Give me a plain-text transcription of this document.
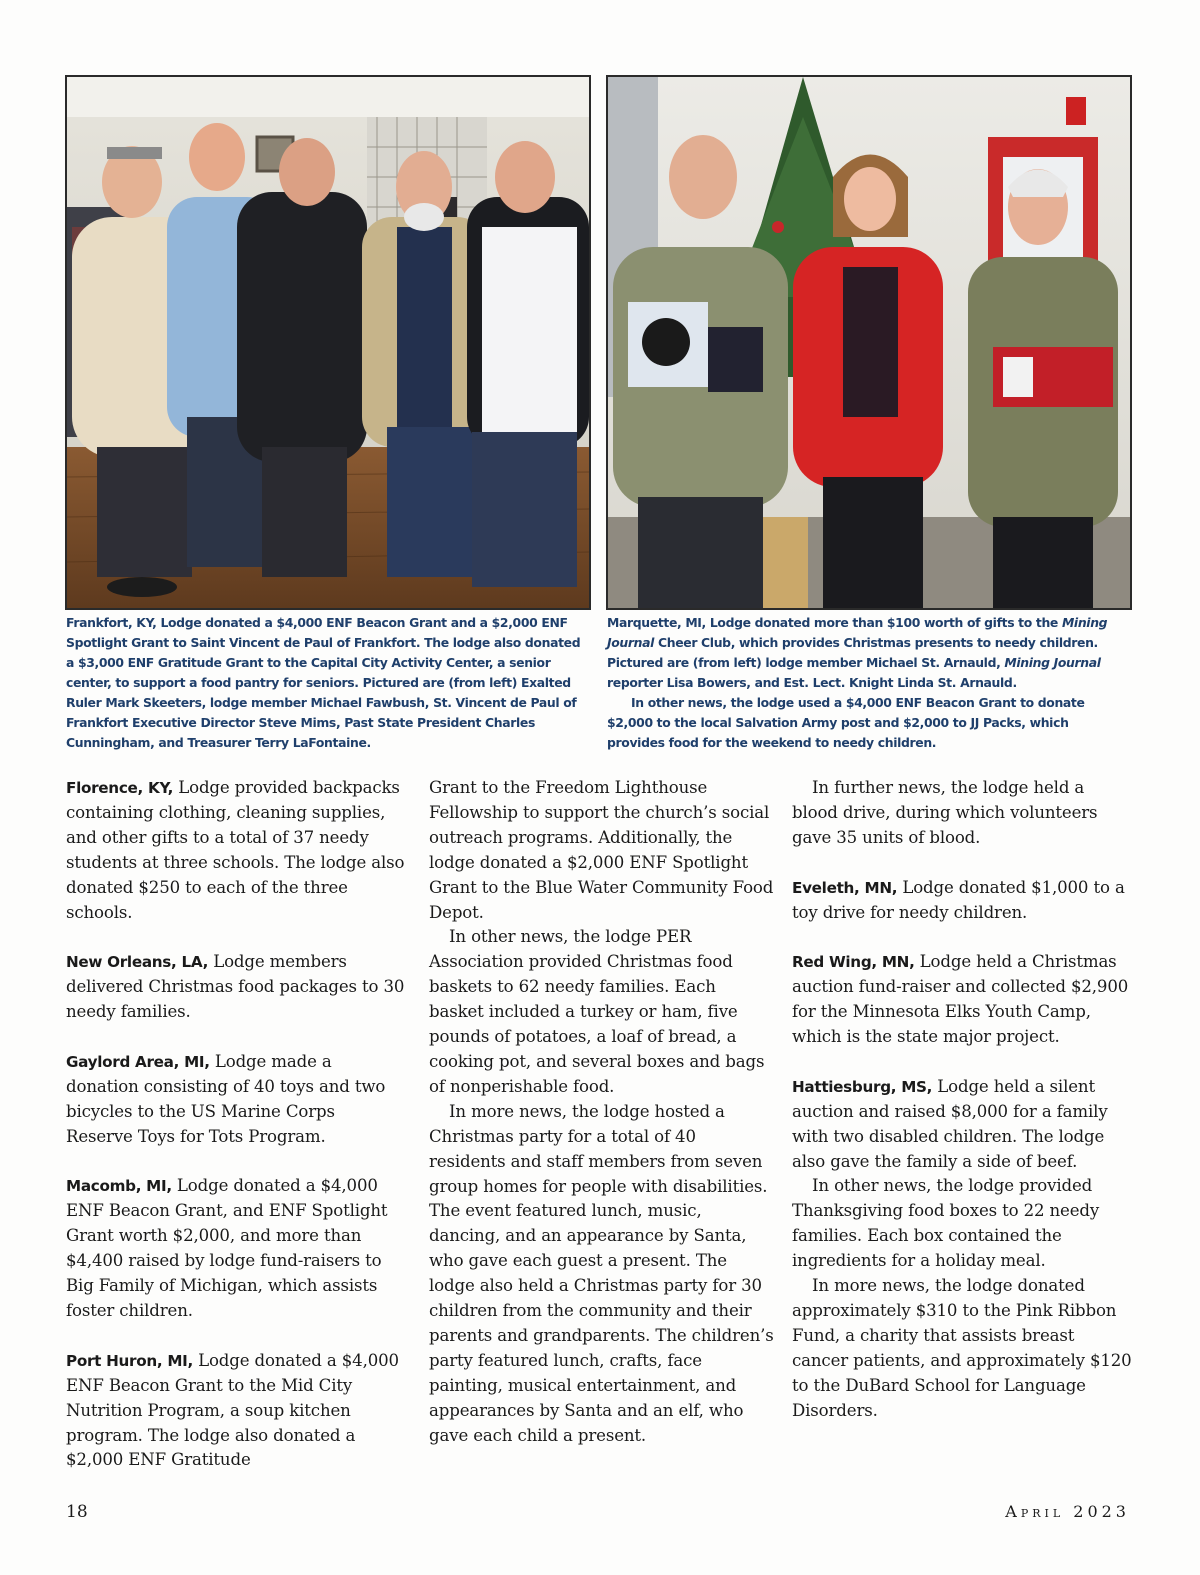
Frankfort, KY, Lodge donated a $4,000 ENF Beacon Grant and a $2,000 ENF Spotlight Grant to Saint Vincent de Paul of Frankfort. The lodge also donated a $3,000 ENF Gratitude Grant to the Capital City Activity Center, a senior center, to support a food pantry for seniors. Pictured are (from left) Exalted Ruler Mark Skeeters, lodge member Michael Fawbush, St. Vincent de Paul of Frankfort Executive Director Steve Mims, Past State President Charles Cunningham, and Treasurer Terry LaFontaine.

Marquette, MI, Lodge donated more than $100 worth of gifts to the Mining Journal Cheer Club, which provides Christmas presents to needy children. Pictured are (from left) lodge member Michael St. Arnauld, Mining Journal reporter Lisa Bowers, and Est. Lect. Knight Linda St. Arnauld.

In other news, the lodge used a $4,000 ENF Beacon Grant to donate $2,000 to the local Salvation Army post and $2,000 to JJ Packs, which provides food for the weekend to needy children.

Florence, KY, Lodge provided backpacks containing clothing, cleaning supplies, and other gifts to a total of 37 needy students at three schools. The lodge also donated $250 to each of the three schools.

New Orleans, LA, Lodge members delivered Christmas food packages to 30 needy families.

Gaylord Area, MI, Lodge made a donation consisting of 40 toys and two bicycles to the US Marine Corps Reserve Toys for Tots Program.

Macomb, MI, Lodge donated a $4,000 ENF Beacon Grant, and ENF Spotlight Grant worth $2,000, and more than $4,400 raised by lodge fund-raisers to Big Family of Michigan, which assists foster children.

Port Huron, MI, Lodge donated a $4,000 ENF Beacon Grant to the Mid City Nutrition Program, a soup kitchen program. The lodge also donated a $2,000 ENF Gratitude

Grant to the Freedom Lighthouse Fellowship to support the church’s social outreach programs. Additionally, the lodge donated a $2,000 ENF Spotlight Grant to the Blue Water Community Food Depot.

In other news, the lodge PER Association provided Christmas food baskets to 62 needy families. Each basket included a turkey or ham, five pounds of potatoes, a loaf of bread, a cooking pot, and several boxes and bags of nonperishable food.

In more news, the lodge hosted a Christmas party for a total of 40 residents and staff members from seven group homes for people with disabilities. The event featured lunch, music, dancing, and an appearance by Santa, who gave each guest a present. The lodge also held a Christmas party for 30 children from the community and their parents and grandparents. The children’s party featured lunch, crafts, face painting, musical entertainment, and appearances by Santa and an elf, who gave each child a present.

In further news, the lodge held a blood drive, during which volunteers gave 35 units of blood.

Eveleth, MN, Lodge donated $1,000 to a toy drive for needy children.

Red Wing, MN, Lodge held a Christmas auction fund-raiser and collected $2,900 for the Minnesota Elks Youth Camp, which is the state major project.

Hattiesburg, MS, Lodge held a silent auction and raised $8,000 for a family with two disabled children. The lodge also gave the family a side of beef.

In other news, the lodge provided Thanksgiving food boxes to 22 needy families. Each box contained the ingredients for a holiday meal.

In more news, the lodge donated approximately $310 to the Pink Ribbon Fund, a charity that assists breast cancer patients, and approximately $120 to the DuBard School for Language Disorders.

18	April 2023
